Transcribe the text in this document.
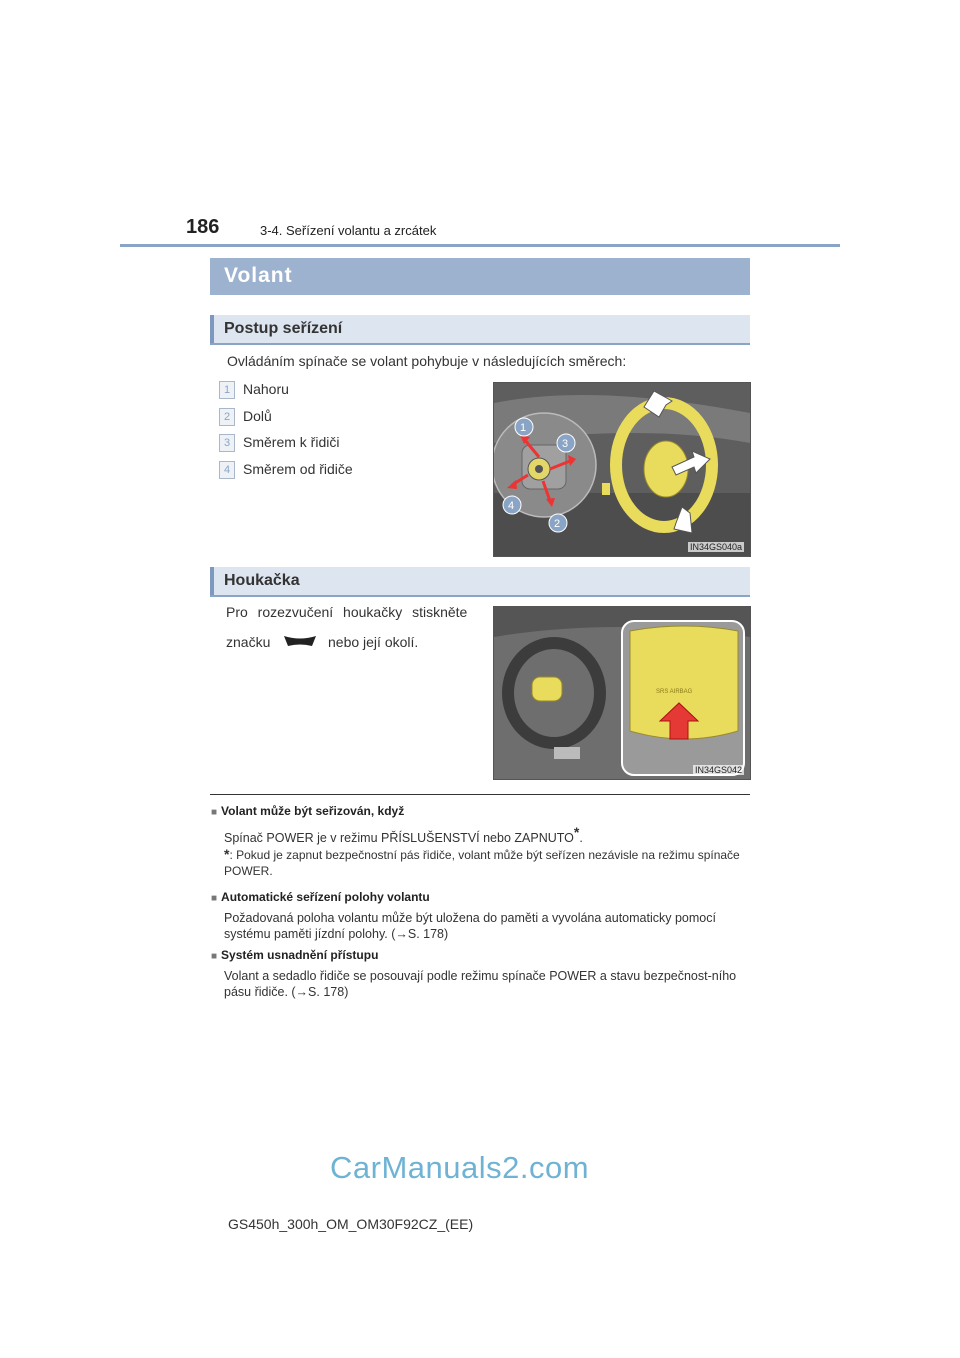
186	3-4. Seřízení volantu a zrcátek
Volant
Postup seřízení
Ovládáním spínače se volant pohybuje v následujících směrech:
1 Nahoru
2 Dolů
3 Směrem k řidiči
4 Směrem od řidiče
1
3
4
2
IN34GS040a
Houkačka
Pro rozezvučení houkačky stiskněte
značku	nebo její okolí.
SRS AIRBAG
IN34GS042
■ Volant může být seřizován, když
Spínač POWER je v režimu PŘÍSLUŠENSTVÍ nebo ZAPNUTO*.
*: Pokud je zapnut bezpečnostní pás řidiče, volant může být seřízen nezávisle na režimu spínače POWER.
■ Automatické seřízení polohy volantu
Požadovaná poloha volantu může být uložena do paměti a vyvolána automaticky pomocí systému paměti jízdní polohy. (→S. 178)
■ Systém usnadnění přístupu
Volant a sedadlo řidiče se posouvají podle režimu spínače POWER a stavu bezpečnost-ního pásu řidiče. (→S. 178)
CarManuals2.com
GS450h_300h_OM_OM30F92CZ_(EE)
